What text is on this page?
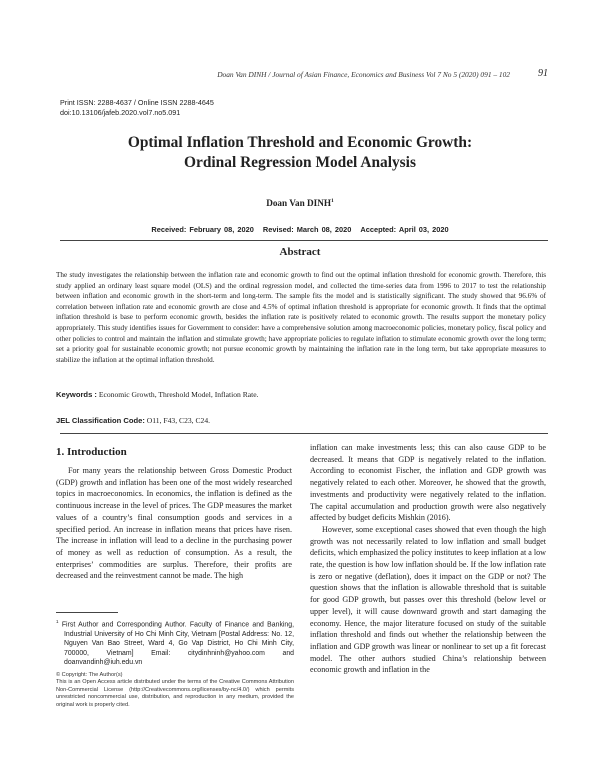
Doan Van DINH / Journal of Asian Finance, Economics and Business Vol 7 No 5 (2020) 091 – 102	91
Print ISSN: 2288-4637 / Online ISSN 2288-4645
doi:10.13106/jafeb.2020.vol7.no5.091
Optimal Inflation Threshold and Economic Growth:
Ordinal Regression Model Analysis
Doan Van DINH$^1$
Received: February 08, 2020 Revised: March 08, 2020 Accepted: April 03, 2020
Abstract
The study investigates the relationship between the inflation rate and economic growth to find out the optimal inflation threshold for economic growth. Therefore, this study applied an ordinary least square model (OLS) and the ordinal regression model, and collected the time-series data from 1996 to 2017 to test the relationship between inflation and economic growth in the short-term and long-term. The sample fits the model and is statistically significant. The study showed that 96.6% of correlation between inflation rate and economic growth are close and 4.5% of optimal inflation threshold is appropriate for economic growth. It finds that the optimal inflation threshold is base to perform economic growth, besides the inflation rate is positively related to economic growth. The results support the monetary policy appropriately. This study identifies issues for Government to consider: have a comprehensive solution among macroeconomic policies, monetary policy, fiscal policy and other policies to control and maintain the inflation and stimulate growth; have appropriate policies to regulate inflation to stimulate economic growth over the long term; set a priority goal for sustainable economic growth; not pursue economic growth by maintaining the inflation rate in the long term, but take appropriate measures to stabilize the inflation at the optimal inflation threshold.
Keywords : Economic Growth, Threshold Model, Inflation Rate.
JEL Classification Code: O11, F43, C23, C24.
1. Introduction

For many years the relationship between Gross Domestic Product (GDP) growth and inflation has been one of the most widely researched topics in macroeconomics. In economics, the inflation is defined as the continuous increase in the level of prices. The GDP measures the market values of a country’s final consumption goods and services in a specified period. An increase in inflation means that prices have risen. The increase in inflation will lead to a decline in the purchasing power of money as well as reduction of consumption. As a result, the enterprises’ commodities are surplus. Therefore, their profits are decreased and the reinvestment cannot be made. The high

inflation can make investments less; this can also cause GDP to be decreased. It means that GDP is negatively related to the inflation. According to economist Fischer, the inflation and GDP growth was negatively related to each other. Moreover, he showed that the growth, investments and productivity were negatively related to the inflation. The capital accumulation and production growth were also negatively affected by budget deficits Mishkin (2016).

However, some exceptional cases showed that even though the high growth was not necessarily related to low inflation and small budget deficits, which emphasized the policy institutes to keep inflation at a low rate, the question is how low inflation should be. If the low inflation rate is zero or negative (deflation), does it impact on the GDP or not? The question shows that the inflation is allowable threshold that is suitable for good GDP growth, but passes over this threshold (below level or upper level), it will cause downward growth and start damaging the economy. Hence, the major literature focused on study of the suitable inflation threshold and finds out whether the relationship between the inflation and GDP growth was linear or nonlinear to set up a fit forecast model. The other authors studied China’s relationship between economic growth and inflation in the

$^1$ First Author and Corresponding Author. Faculty of Finance and Banking, Industrial University of Ho Chi Minh City, Vietnam [Postal Address: No. 12, Nguyen Van Bao Street, Ward 4, Go Vap District, Ho Chi Minh City, 700000, Vietnam] Email: citydinhninh@yahoo.com and doanvandinh@iuh.edu.vn
© Copyright: The Author(s)
This is an Open Access article distributed under the terms of the Creative Commons Attribution Non-Commercial License (http://Creativecommons.org/licenses/by-nc/4.0/) which permits unrestricted noncommercial use, distribution, and reproduction in any medium, provided the original work is properly cited.
